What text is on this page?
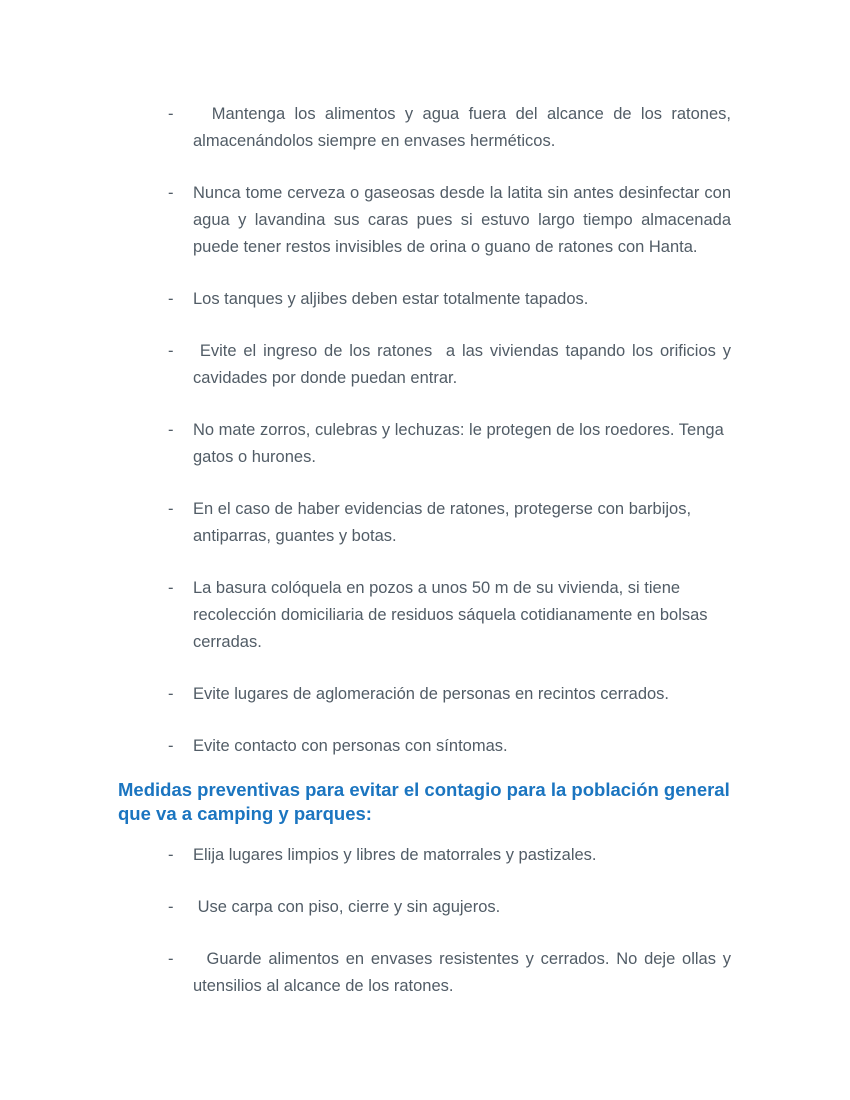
-	Mantenga los alimentos y agua fuera del alcance de los ratones, almacenándolos siempre en envases herméticos.
-	Nunca tome cerveza o gaseosas desde la latita sin antes desinfectar con agua y lavandina sus caras pues si estuvo largo tiempo almacenada puede tener restos invisibles de orina o guano de ratones con Hanta.
-	Los tanques y aljibes deben estar totalmente tapados.
-	Evite el ingreso de los ratones  a las viviendas tapando los orificios y cavidades por donde puedan entrar.
-	No mate zorros, culebras y lechuzas: le protegen de los roedores. Tenga gatos o hurones.
-	En el caso de haber evidencias de ratones, protegerse con barbijos, antiparras, guantes y botas.
-	La basura colóquela en pozos a unos 50 m de su vivienda, si tiene recolección domiciliaria de residuos sáquela cotidianamente en bolsas cerradas.
-	Evite lugares de aglomeración de personas en recintos cerrados.
-	Evite contacto con personas con síntomas.
Medidas preventivas para evitar el contagio para la población general que va a camping y parques:
-	Elija lugares limpios y libres de matorrales y pastizales.
-	Use carpa con piso, cierre y sin agujeros.
-	Guarde alimentos en envases resistentes y cerrados. No deje ollas y utensilios al alcance de los ratones.
